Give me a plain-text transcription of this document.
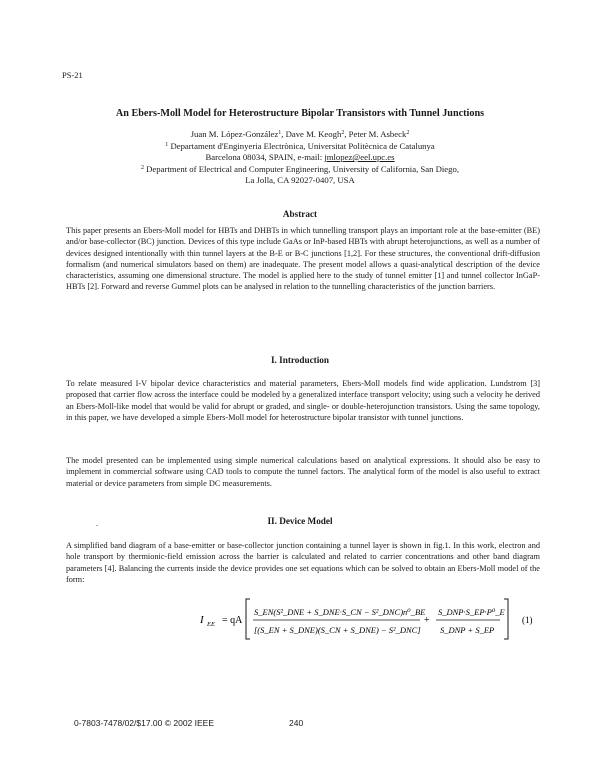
PS-21
An Ebers-Moll Model for Heterostructure Bipolar Transistors with Tunnel Junctions
Juan M. López-González$^1$, Dave M. Keogh$^2$, Peter M. Asbeck$^2$
$^1$ Departament d'Enginyeria Electrònica, Universitat Politècnica de Catalunya
Barcelona 08034, SPAIN, e-mail: jmlopez@eel.upc.es
$^2$ Department of Electrical and Computer Engineering, University of California, San Diego,
La Jolla, CA 92027-0407, USA
Abstract
This paper presents an Ebers-Moll model for HBTs and DHBTs in which tunnelling transport plays an important role at the base-emitter (BE) and/or base-collector (BC) junction. Devices of this type include GaAs or InP-based HBTs with abrupt heterojunctions, as well as a number of devices designed intentionally with thin tunnel layers at the B-E or B-C junctions [1,2]. For these structures, the conventional drift-diffusion formalism (and numerical simulators based on them) are inadequate. The present model allows a quasi-analytical description of the device characteristics, assuming one dimensional structure. The model is applied here to the study of tunnel emitter [1] and tunnel collector InGaP-HBTs [2]. Forward and reverse Gummel plots can be analysed in relation to the tunnelling characteristics of the junction barriers.
I. Introduction
To relate measured I-V bipolar device characteristics and material parameters, Ebers-Moll models find wide application. Lundstrom [3] proposed that carrier flow across the interface could be modeled by a generalized interface transport velocity; using such a velocity he derived an Ebers-Moll-like model that would be valid for abrupt or graded, and single- or double-heterojunction transistors. Using the same topology, in this paper, we have developed a simple Ebers-Moll model for heterostructure bipolar transistor with tunnel junctions.
The model presented can be implemented using simple numerical calculations based on analytical expressions. It should also be easy to implement in commercial software using CAD tools to compute the tunnel factors. The analytical form of the model is also useful to extract material or device parameters from simple DC measurements.
.	II. Device Model
A simplified band diagram of a base-emitter or base-collector junction containing a tunnel layer is shown in fig.1. In this work, electron and hole transport by thermionic-field emission across the barrier is calculated and related to carrier concentrations and other band diagram parameters [4]. Balancing the currents inside the device provides one set equations which can be solved to obtain an Ebers-Moll model of the form:
I EE = qA
S_EN(S²_DNE + S_DNE·S_CN − S²_DNC)n⁰_BE
[(S_EN + S_DNE)(S_CN + S_DNE) − S²_DNC]
+
S_DNP·S_EP·P⁰_E
S_DNP + S_EP
(1)
0-7803-7478/02/$17.00 © 2002 IEEE	240
